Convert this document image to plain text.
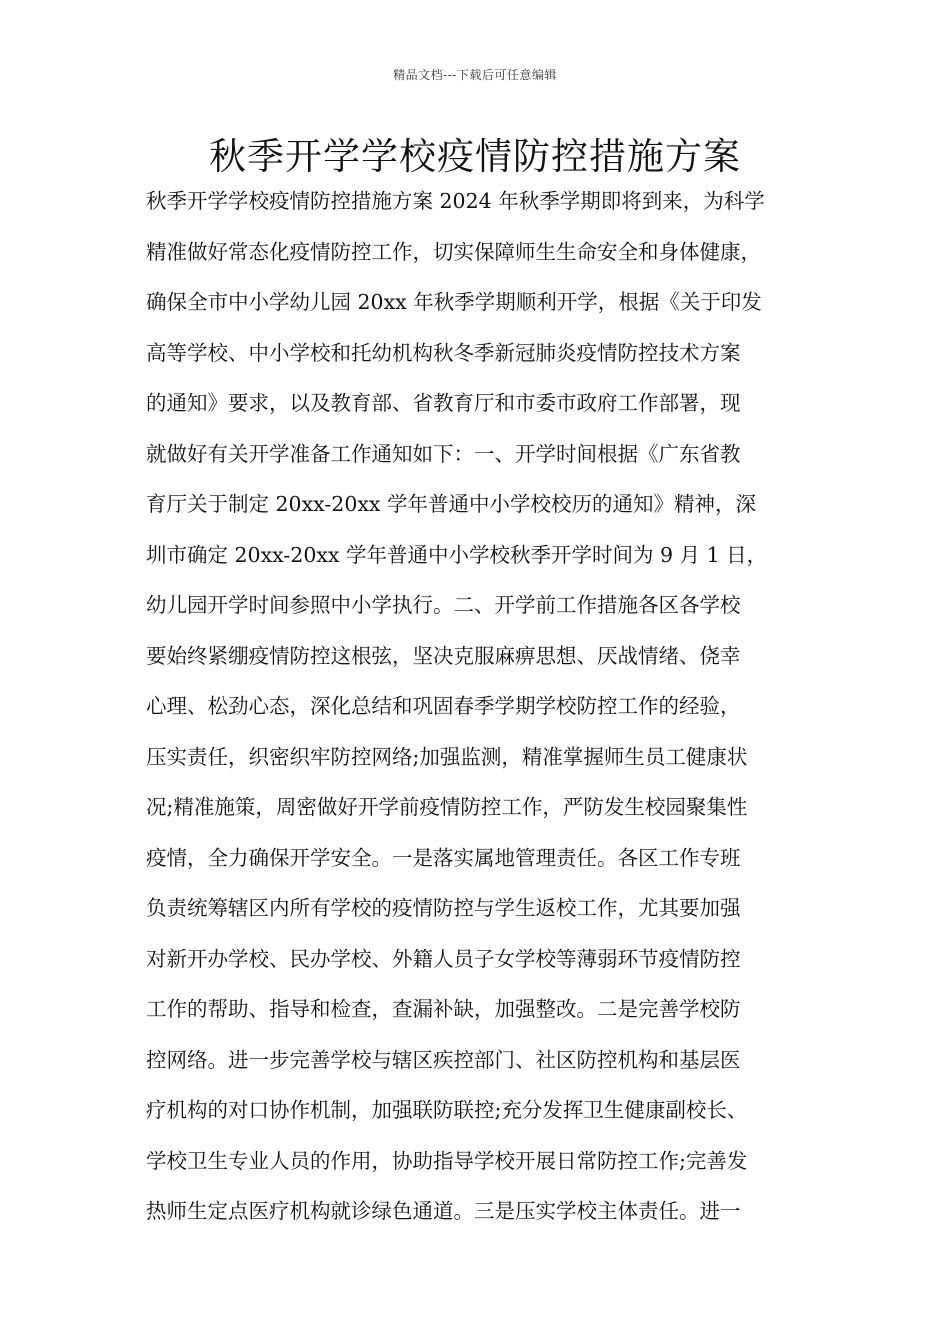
精品文档---下载后可任意编辑
秋季开学学校疫情防控措施方案
秋季开学学校疫情防控措施方案 2024 年秋季学期即将到来，为科学
精准做好常态化疫情防控工作，切实保障师生生命安全和身体健康，
确保全市中小学幼儿园 20xx 年秋季学期顺利开学，根据《关于印发
高等学校、中小学校和托幼机构秋冬季新冠肺炎疫情防控技术方案
的通知》要求，以及教育部、省教育厅和市委市政府工作部署，现
就做好有关开学准备工作通知如下：一、开学时间根据《广东省教
育厅关于制定 20xx-20xx 学年普通中小学校校历的通知》精神，深
圳市确定 20xx-20xx 学年普通中小学校秋季开学时间为 9 月 1 日，
幼儿园开学时间参照中小学执行。二、开学前工作措施各区各学校
要始终紧绷疫情防控这根弦，坚决克服麻痹思想、厌战情绪、侥幸
心理、松劲心态，深化总结和巩固春季学期学校防控工作的经验，
压实责任，织密织牢防控网络;加强监测，精准掌握师生员工健康状
况;精准施策，周密做好开学前疫情防控工作，严防发生校园聚集性
疫情，全力确保开学安全。一是落实属地管理责任。各区工作专班
负责统筹辖区内所有学校的疫情防控与学生返校工作，尤其要加强
对新开办学校、民办学校、外籍人员子女学校等薄弱环节疫情防控
工作的帮助、指导和检查，查漏补缺，加强整改。二是完善学校防
控网络。进一步完善学校与辖区疾控部门、社区防控机构和基层医
疗机构的对口协作机制，加强联防联控;充分发挥卫生健康副校长、
学校卫生专业人员的作用，协助指导学校开展日常防控工作;完善发
热师生定点医疗机构就诊绿色通道。三是压实学校主体责任。进一
